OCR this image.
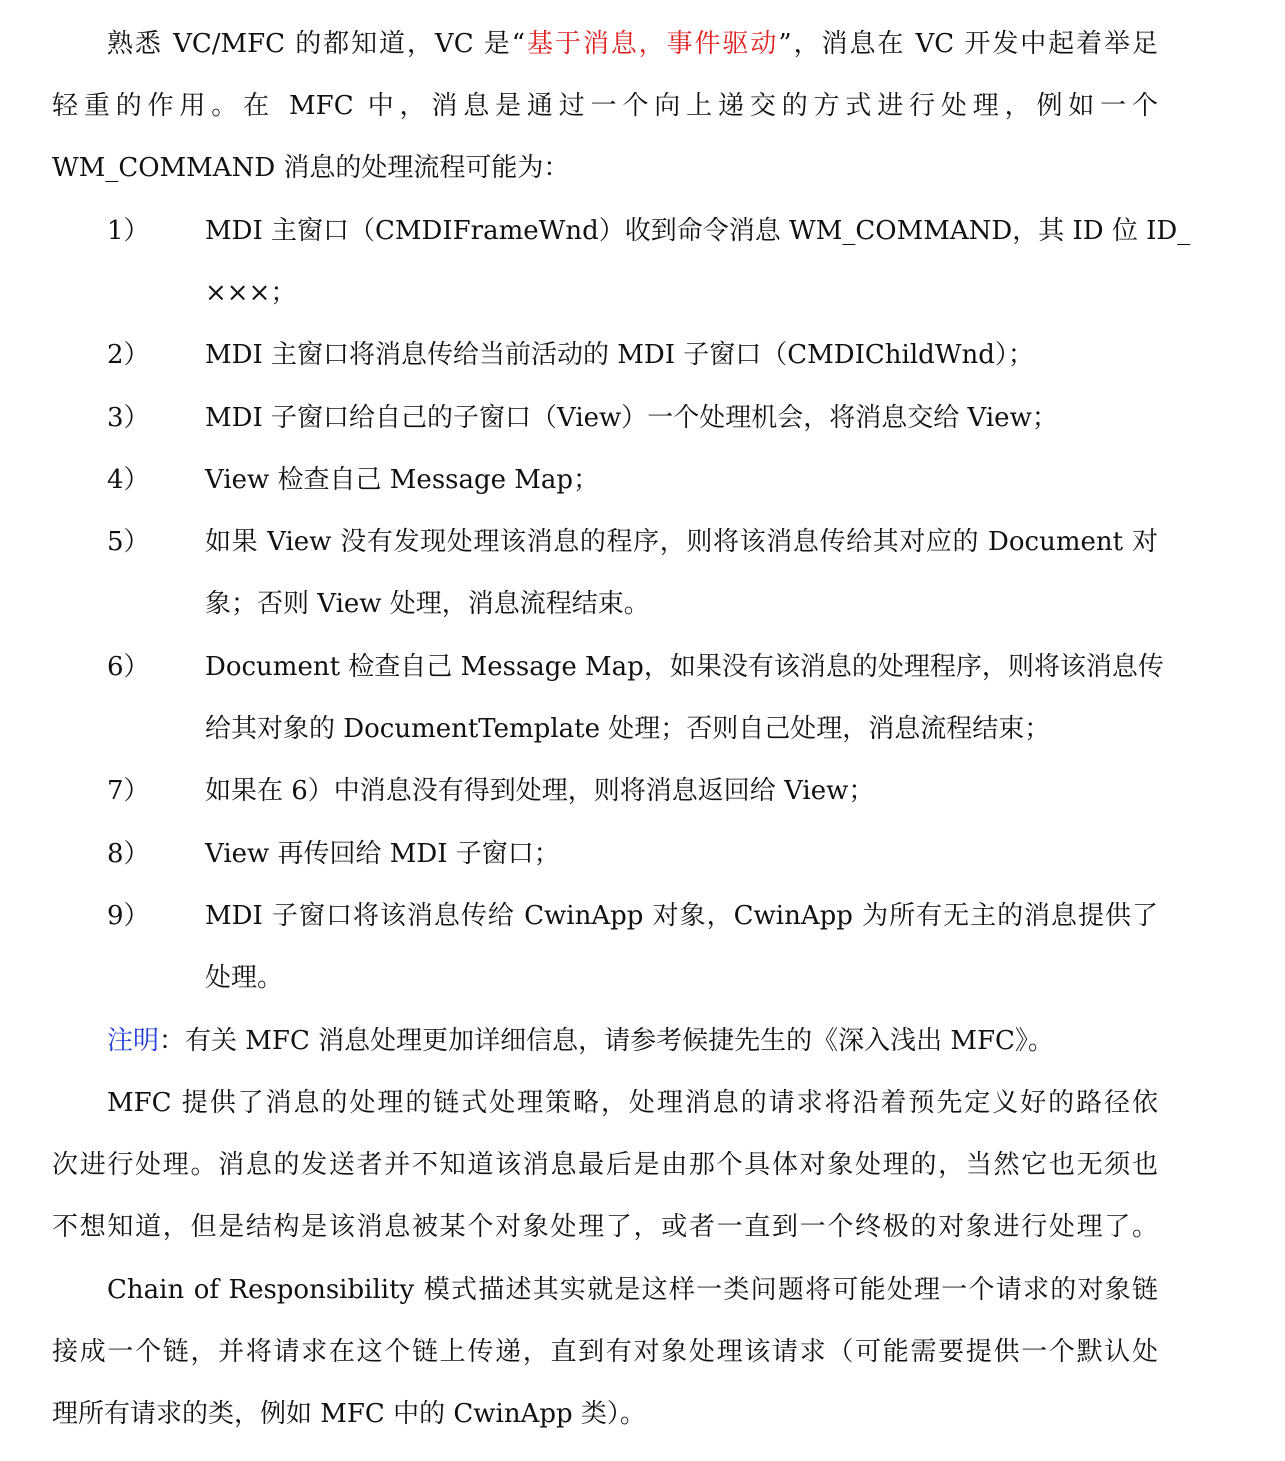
熟悉 VC/MFC 的都知道，VC 是“基于消息，事件驱动”，消息在 VC 开发中起着举足
轻重的作用。在 MFC 中，消息是通过一个向上递交的方式进行处理，例如一个
WM_COMMAND 消息的处理流程可能为：
1） MDI 主窗口（CMDIFrameWnd）收到命令消息 WM_COMMAND，其 ID 位 ID_
×××；
2） MDI 主窗口将消息传给当前活动的 MDI 子窗口（CMDIChildWnd）；
3） MDI 子窗口给自己的子窗口（View）一个处理机会，将消息交给 View；
4） View 检查自己 Message Map；
5） 如果 View 没有发现处理该消息的程序，则将该消息传给其对应的 Document 对
象；否则 View 处理，消息流程结束。
6） Document 检查自己 Message Map，如果没有该消息的处理程序，则将该消息传
给其对象的 DocumentTemplate 处理；否则自己处理，消息流程结束；
7） 如果在 6）中消息没有得到处理，则将消息返回给 View；
8） View 再传回给 MDI 子窗口；
9） MDI 子窗口将该消息传给 CwinApp 对象，CwinApp 为所有无主的消息提供了
处理。
注明：有关 MFC 消息处理更加详细信息，请参考候捷先生的《深入浅出 MFC》。
MFC 提供了消息的处理的链式处理策略，处理消息的请求将沿着预先定义好的路径依
次进行处理。消息的发送者并不知道该消息最后是由那个具体对象处理的，当然它也无须也
不想知道，但是结构是该消息被某个对象处理了，或者一直到一个终极的对象进行处理了。
Chain of Responsibility 模式描述其实就是这样一类问题将可能处理一个请求的对象链
接成一个链，并将请求在这个链上传递，直到有对象处理该请求（可能需要提供一个默认处
理所有请求的类，例如 MFC 中的 CwinApp 类）。
